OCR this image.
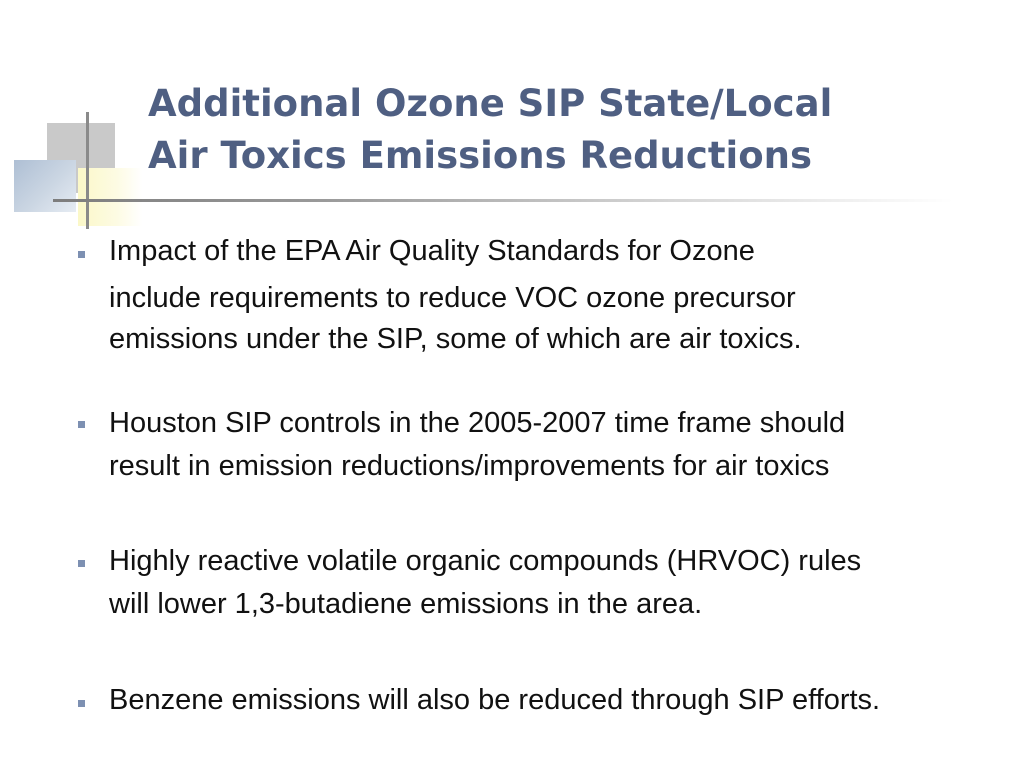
Additional Ozone SIP State/Local
Air Toxics Emissions Reductions
Impact of the EPA Air Quality Standards for Ozone
include requirements to reduce VOC ozone precursor
emissions under the SIP, some of which are air toxics.
Houston SIP controls in the 2005-2007 time frame should
result in emission reductions/improvements for air toxics
Highly reactive volatile organic compounds (HRVOC) rules
will lower 1,3-butadiene emissions in the area.
Benzene emissions will also be reduced through SIP efforts.
